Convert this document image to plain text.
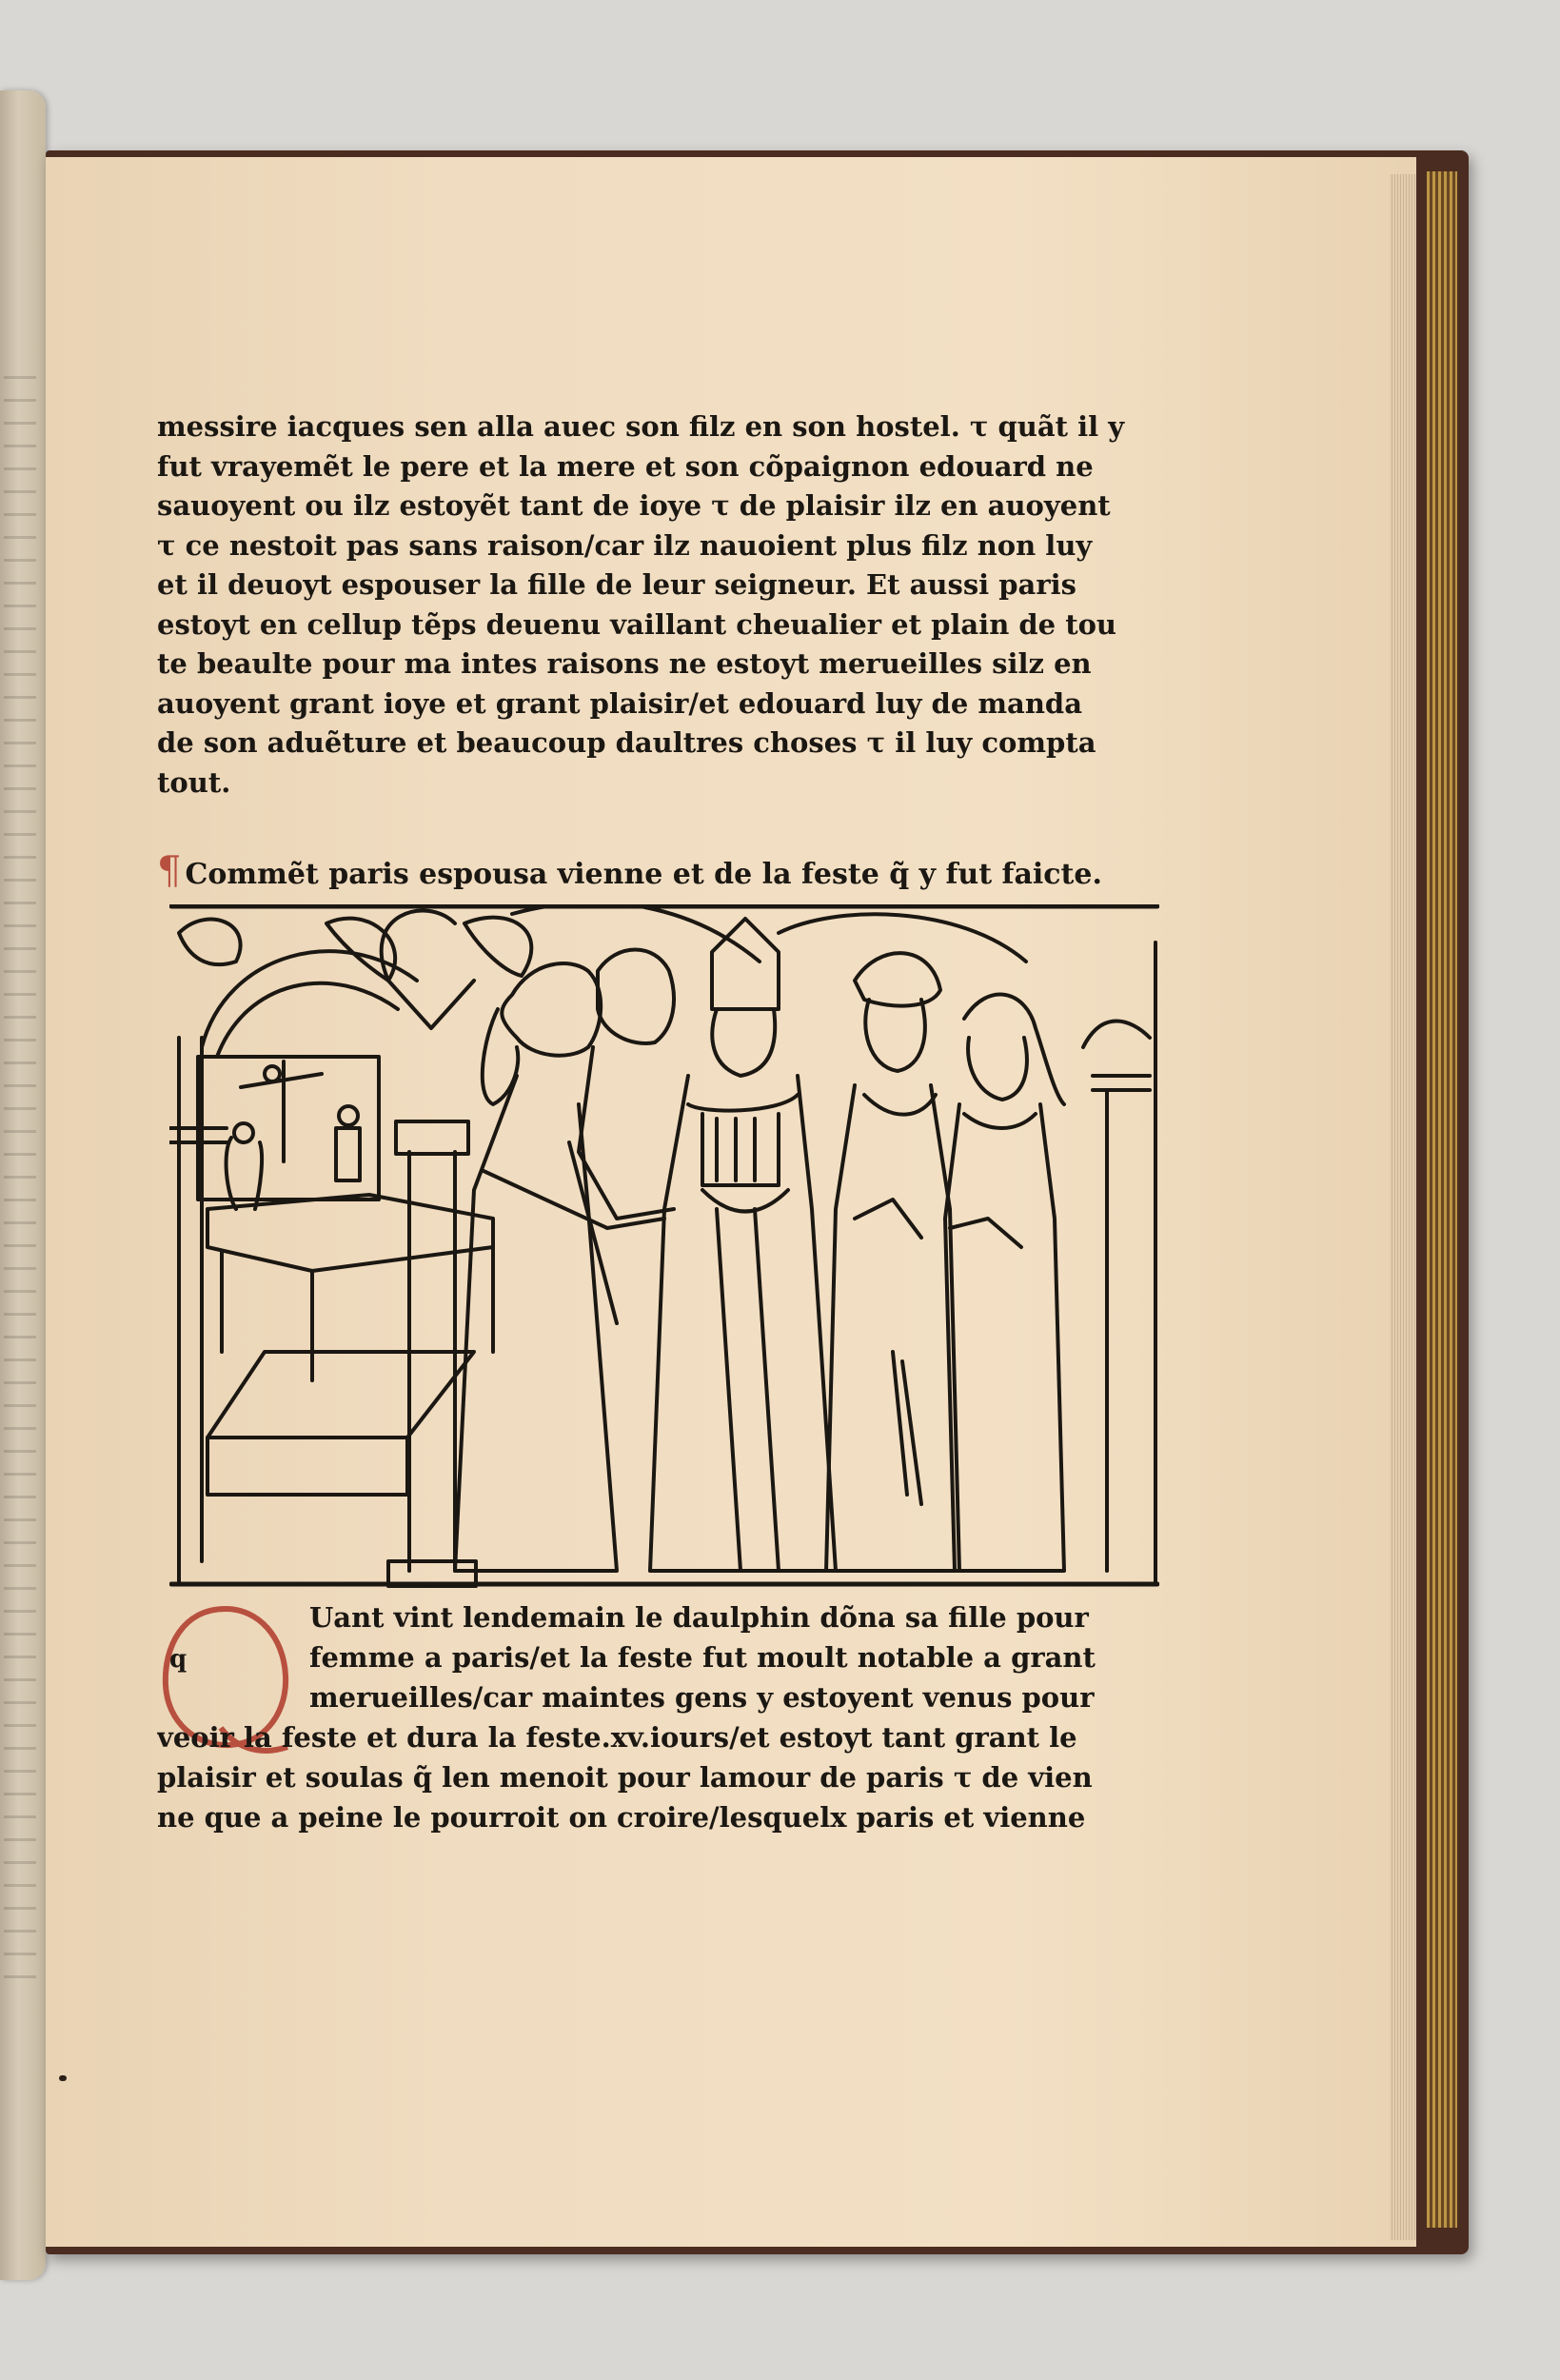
messire iacques sen alla auec son filz en son hostel. τ quãt il y
fut vrayemẽt le pere et la mere et son cõpaignon edouard ne
sauoyent ou ilz estoyẽt tant de ioye τ de plaisir ilz en auoyent
τ ce nestoit pas sans raison/car ilz nauoient plus filz non luy
et il deuoyt espouser la fille de leur seigneur. Et aussi paris
estoyt en cellup tẽps deuenu vaillant cheualier et plain de tou
te beaulte pour ma intes raisons ne estoyt merueilles silz en
auoyent grant ioye et grant plaisir/et edouard luy de manda
de son aduẽture et beaucoup daultres choses τ il luy compta
tout.
¶ Commẽt paris espousa vienne et de la feste q̃ y fut faicte.
q
Uant vint lendemain le daulphin dõna sa fille pour
femme a paris/et la feste fut moult notable a grant
merueilles/car maintes gens y estoyent venus pour
veoir la feste et dura la feste.xv.iours/et estoyt tant grant le
plaisir et soulas q̃ len menoit pour lamour de paris τ de vien
ne que a peine le pourroit on croire/lesquelx paris et vienne
